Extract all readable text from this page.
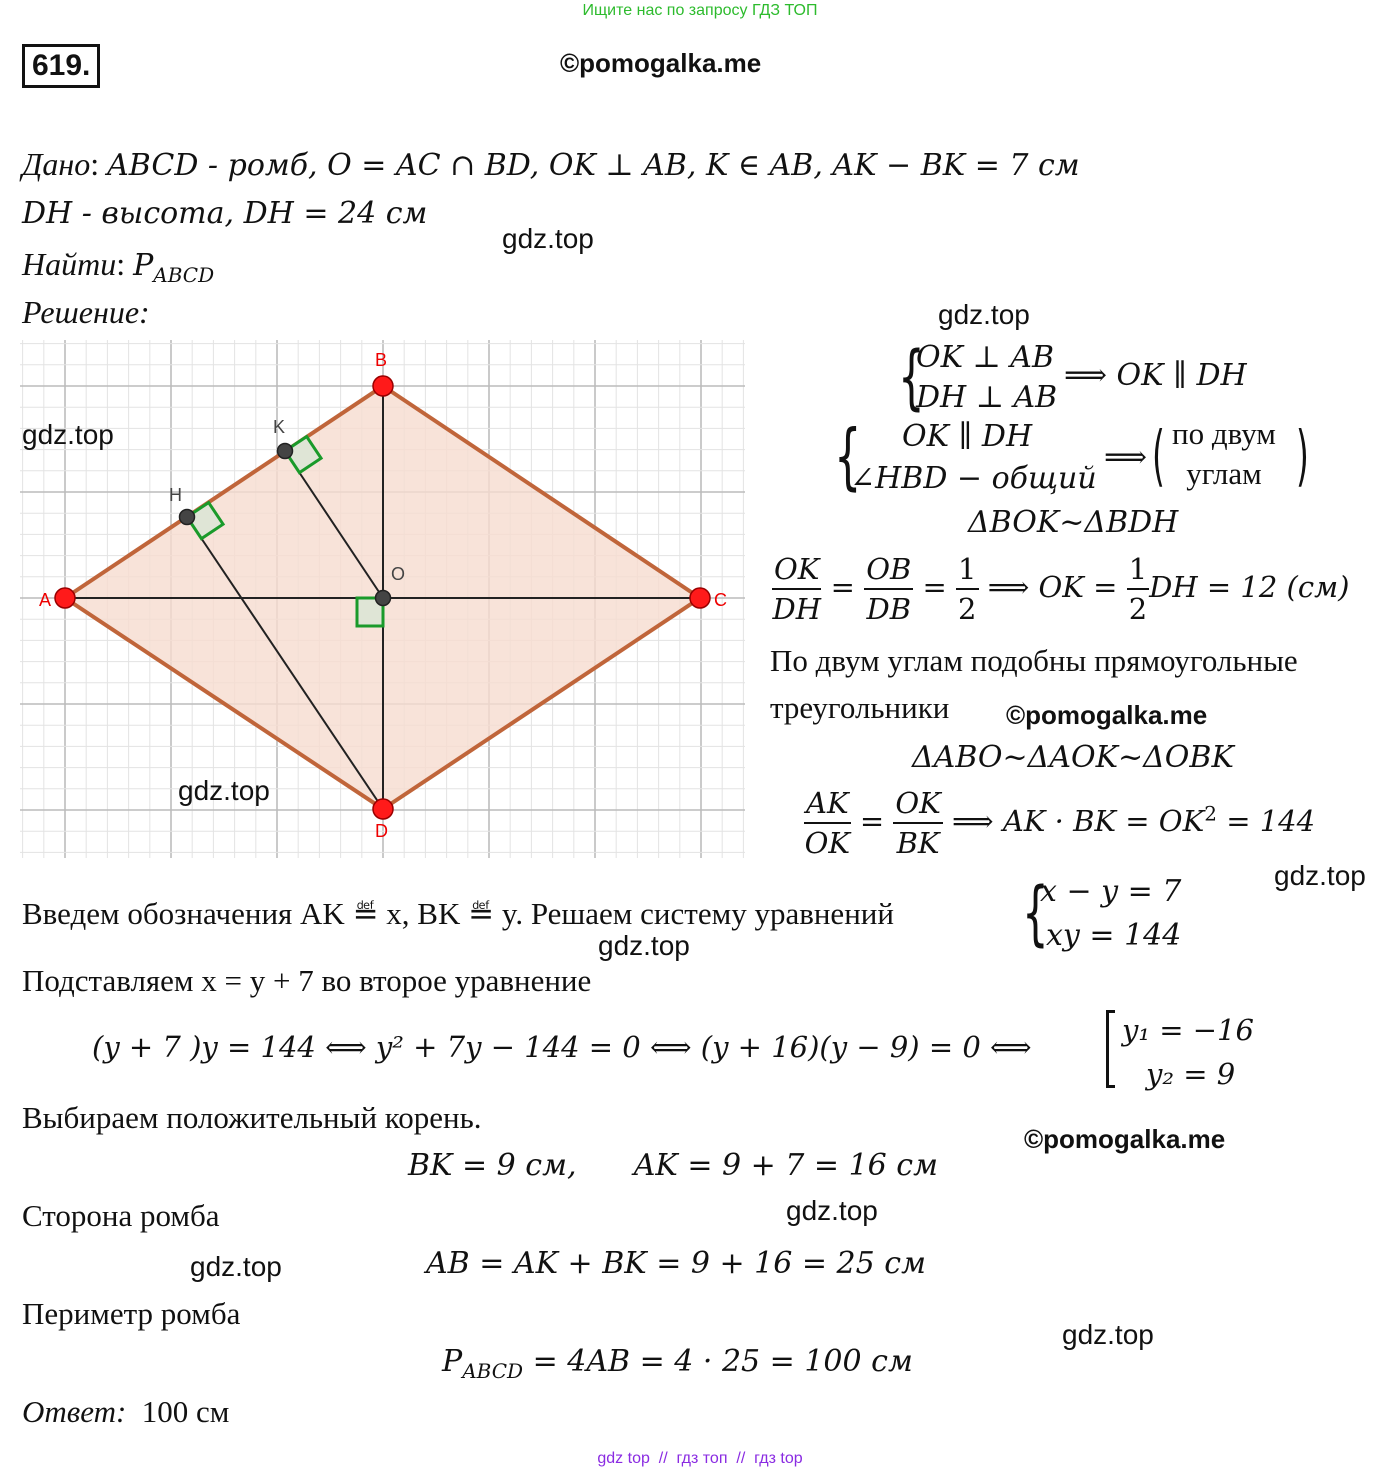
Ищите нас по запросу ГДЗ ТОП
619.	©pomogalka.me
Дано: ABCD - ромб, O = AC ∩ BD, OK ⊥ AB, K ∈ AB, AK − BK = 7 см
DH - высота, DH = 24 см
gdz.top
Найти: $P_{ABCD}$
Решение:
A
B
C
D
O
K
H
gdz.top
gdz.top
gdz.top
{
OK ⊥ AB
DH ⊥ AB
⟹ OK ∥ DH
{ OK ∥ DH
∠HBD − общий
⟹ ( по двум
углам )
ΔBOK~ΔBDH
$\frac{OK}{DH} = \frac{OB}{DB} = \frac{1}{2}$ ⟹ OK = $\frac{1}{2}$ DH = 12 (см)
По двум углам подобны прямоугольные
треугольники ©pomogalka.me
ΔABO~ΔAOK~ΔOBK
$\frac{AK}{OK} = \frac{OK}{BK}$ ⟹ AK · BK = $OK^2 = 144$
gdz.top
Введем обозначения AK ≝ x, BK ≝ y. Решаем систему уравнений {
x − y = 7
xy = 144
gdz.top
Подставляем x = y + 7 во второе уравнение
(y + 7 )y = 144 ⟺ y² + 7y − 144 = 0 ⟺ (y + 16)(y − 9) = 0 ⟺	y₁ = −16
y₂ = 9
Выбираем положительный корень.
©pomogalka.me
BK = 9 см,      AK = 9 + 7 = 16 см
Сторона ромба	gdz.top
gdz.top	AB = AK + BK = 9 + 16 = 25 см
Периметр ромба
gdz.top
$P_{ABCD} = 4AB = 4 \cdot 25 = 100$ см
Ответ: 100 см
gdz top  //  гдз топ  //  гдз top
